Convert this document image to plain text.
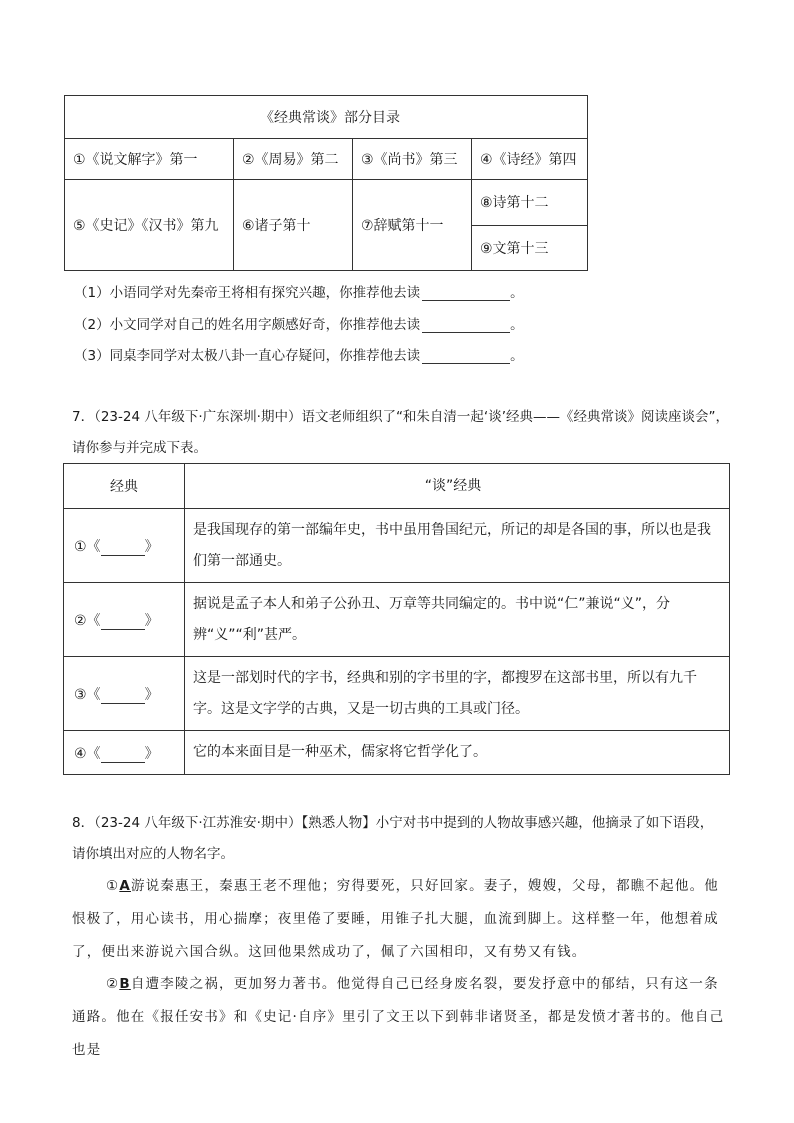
《经典常谈》部分目录			
①《说文解字》第一	②《周易》第二	③《尚书》第三	④《诗经》第四
⑤《史记》《汉书》第九	⑥诸子第十	⑦辞赋第十一	⑧诗第十二
			⑨文第十三
（1）小语同学对先秦帝王将相有探究兴趣，你推荐他去读	。
（2）小文同学对自己的姓名用字颇感好奇，你推荐他去读	。
（3）同桌李同学对太极八卦一直心存疑问，你推荐他去读	。
7．（23-24 八年级下·广东深圳·期中）语文老师组织了“和朱自清一起‘谈’经典——《经典常谈》阅读座谈会”，
请你参与并完成下表。
经典	“谈”经典
①《 》	是我国现存的第一部编年史，书中虽用鲁国纪元，所记的却是各国的事，所以也是我们第一部通史。
②《 》	据说是孟子本人和弟子公孙丑、万章等共同编定的。书中说“仁”兼说“义”，分辨“义”“利”甚严。
③《 》	这是一部划时代的字书，经典和别的字书里的字，都搜罗在这部书里，所以有九千字。这是文字学的古典，又是一切古典的工具或门径。
④《 》	它的本来面目是一种巫术，儒家将它哲学化了。
8．（23-24 八年级下·江苏淮安·期中）【熟悉人物】小宁对书中提到的人物故事感兴趣，他摘录了如下语段，
请你填出对应的人物名字。
①A游说秦惠王，秦惠王老不理他；穷得要死，只好回家。妻子，嫂嫂，父母，都瞧不起他。他恨极了，用心读书，用心揣摩；夜里倦了要睡，用锥子扎大腿，血流到脚上。这样整一年，他想着成了，便出来游说六国合纵。这回他果然成功了，佩了六国相印，又有势又有钱。
②B自遭李陵之祸，更加努力著书。他觉得自己已经身废名裂，要发抒意中的郁结，只有这一条通路。他在《报任安书》和《史记·自序》里引了文王以下到韩非诸贤圣，都是发愤才著书的。他自己也是
